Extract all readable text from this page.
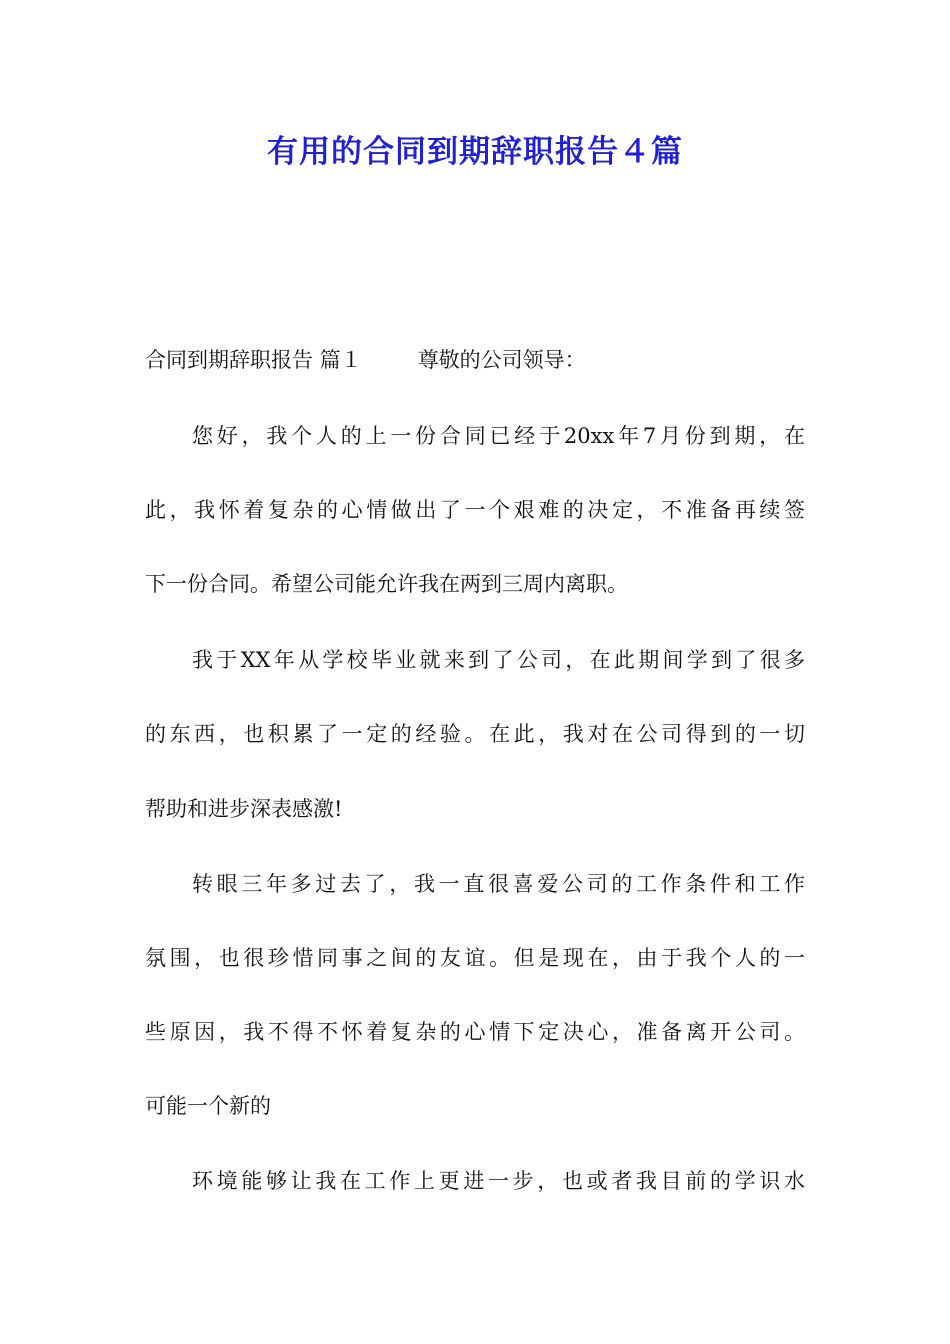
有用的合同到期辞职报告４篇

合同到期辞职报告 篇１	尊敬的公司领导：

您好，我个人的上一份合同已经于20xx年7月份到期，在

此，我怀着复杂的心情做出了一个艰难的决定，不准备再续签

下一份合同。希望公司能允许我在两到三周内离职。

我于XX年从学校毕业就来到了公司，在此期间学到了很多

的东西，也积累了一定的经验。在此，我对在公司得到的一切

帮助和进步深表感激!

转眼三年多过去了，我一直很喜爱公司的工作条件和工作

氛围，也很珍惜同事之间的友谊。但是现在，由于我个人的一

些原因，我不得不怀着复杂的心情下定决心，准备离开公司。

可能一个新的

环境能够让我在工作上更进一步，也或者我目前的学识水
